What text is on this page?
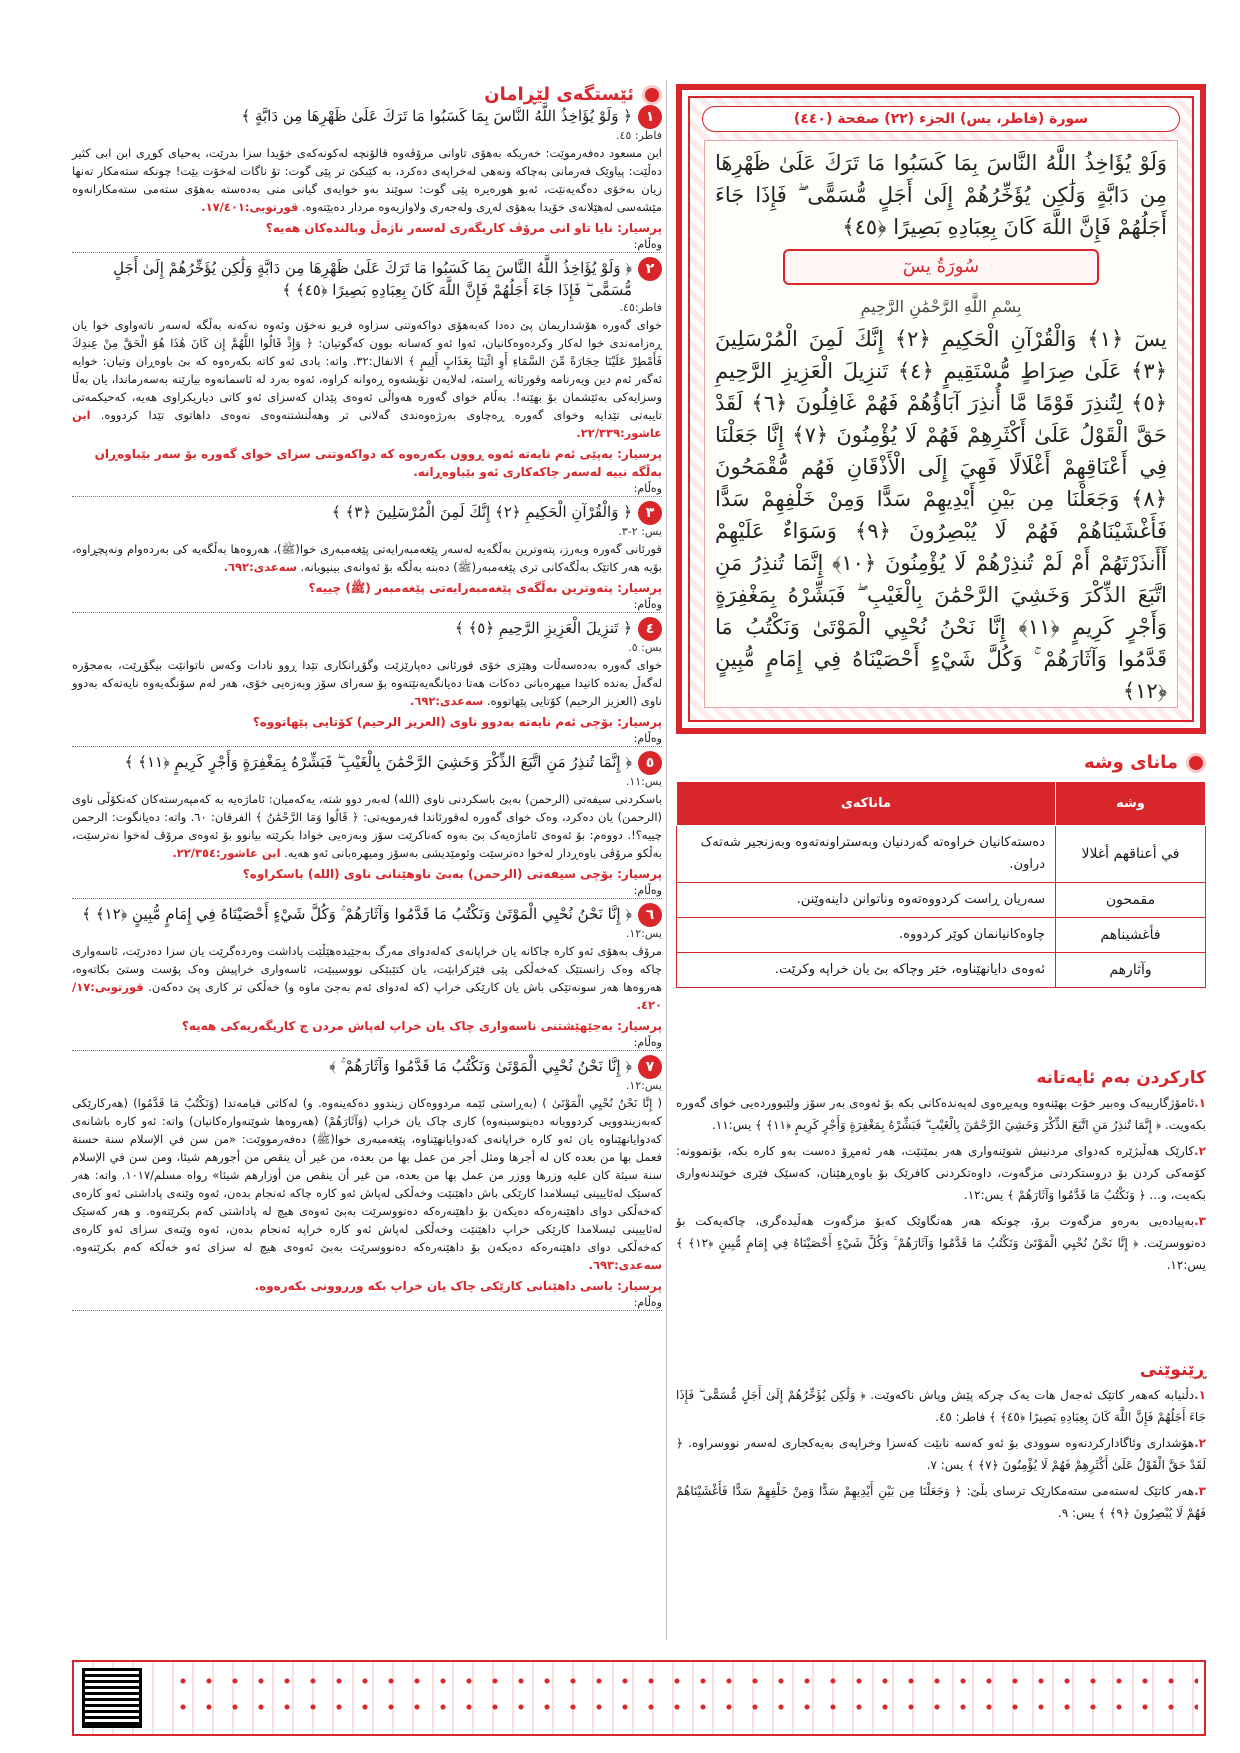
سورة (فاطر، يس) الجزء (٢٢) صفحة (٤٤٠)
وَلَوْ يُؤَاخِذُ اللَّهُ النَّاسَ بِمَا كَسَبُوا مَا تَرَكَ عَلَىٰ ظَهْرِهَا مِن دَابَّةٍ وَلَٰكِن يُؤَخِّرُهُمْ إِلَىٰ أَجَلٍ مُّسَمًّى ۖ فَإِذَا جَاءَ أَجَلُهُمْ فَإِنَّ اللَّهَ كَانَ بِعِبَادِهِ بَصِيرًا ﴿٤٥﴾
سُورَةُ يسٓ
بِسْمِ اللَّهِ الرَّحْمَٰنِ الرَّحِيمِ
يسٓ ﴿١﴾ وَالْقُرْآنِ الْحَكِيمِ ﴿٢﴾ إِنَّكَ لَمِنَ الْمُرْسَلِينَ ﴿٣﴾ عَلَىٰ صِرَاطٍ مُّسْتَقِيمٍ ﴿٤﴾ تَنزِيلَ الْعَزِيزِ الرَّحِيمِ ﴿٥﴾ لِتُنذِرَ قَوْمًا مَّا أُنذِرَ آبَاؤُهُمْ فَهُمْ غَافِلُونَ ﴿٦﴾ لَقَدْ حَقَّ الْقَوْلُ عَلَىٰ أَكْثَرِهِمْ فَهُمْ لَا يُؤْمِنُونَ ﴿٧﴾ إِنَّا جَعَلْنَا فِي أَعْنَاقِهِمْ أَغْلَالًا فَهِيَ إِلَى الْأَذْقَانِ فَهُم مُّقْمَحُونَ ﴿٨﴾ وَجَعَلْنَا مِن بَيْنِ أَيْدِيهِمْ سَدًّا وَمِنْ خَلْفِهِمْ سَدًّا فَأَغْشَيْنَاهُمْ فَهُمْ لَا يُبْصِرُونَ ﴿٩﴾ وَسَوَاءٌ عَلَيْهِمْ أَأَنذَرْتَهُمْ أَمْ لَمْ تُنذِرْهُمْ لَا يُؤْمِنُونَ ﴿١٠﴾ إِنَّمَا تُنذِرُ مَنِ اتَّبَعَ الذِّكْرَ وَخَشِيَ الرَّحْمَٰنَ بِالْغَيْبِ ۖ فَبَشِّرْهُ بِمَغْفِرَةٍ وَأَجْرٍ كَرِيمٍ ﴿١١﴾ إِنَّا نَحْنُ نُحْيِي الْمَوْتَىٰ وَنَكْتُبُ مَا قَدَّمُوا وَآثَارَهُمْ ۚ وَكُلَّ شَيْءٍ أَحْصَيْنَاهُ فِي إِمَامٍ مُّبِينٍ ﴿١٢﴾
ئێستگەی لێڕامان
١
﴿ وَلَوْ يُؤَاخِذُ اللَّهُ النَّاسَ بِمَا كَسَبُوا مَا تَرَكَ عَلَىٰ ظَهْرِهَا مِن دَابَّةٍ ﴾
فاطر: ٤٥.
ابن مسعود دەفەرموێت: خەریکە بەهۆی تاوانی مرۆڤەوە قالۆنچە لەکونەکەی خۆیدا سزا بدرێت، یەحیای کوڕی ابن ابی کثیر دەڵێت: پیاوێک فەرمانی بەچاکە ونەهی لەخراپەی دەکرد، بە کێبکێ تر پێی گوت: تۆ ناگات لەخۆت بێت! چونکە ستەمکار تەنها زیان بەخۆی دەگەیەنێت، ئەبو هورەیرە پێی گوت: سوێند بەو خوایەی گیانی منی بەدەستە بەهۆی ستەمی ستەمکارانەوە مێشەسی لەهێلانەی خۆیدا بەهۆی لەڕی ولەجەری ولاوازیەوە مردار دەبێتەوە. قورتوبی:١٧/٤٠١.
پرسیار: نایا تاو انی مرۆڤ کاریگەری لەسەر ناژەڵ وبالندەکان هەیە؟
وەڵام:
٢
﴿ وَلَوْ يُؤَاخِذُ اللَّهُ النَّاسَ بِمَا كَسَبُوا مَا تَرَكَ عَلَىٰ ظَهْرِهَا مِن دَابَّةٍ وَلَٰكِن يُؤَخِّرُهُمْ إِلَىٰ أَجَلٍ مُّسَمًّى ۖ فَإِذَا جَاءَ أَجَلُهُمْ فَإِنَّ اللَّهَ كَانَ بِعِبَادِهِ بَصِيرًا ﴿٤٥﴾ ﴾
فاطر:٤٥.
خوای گەورە هۆشداریمان پێ دەدا کەبەهۆی دواکەوتنی سزاوە فریو نەخۆن وئەوە نەکەنە بەڵگە لەسەر ناتەواوی خوا یان ڕەزامەندی خوا لەکار وکردەوەکانیان، ئەوا ئەو کەسانە بوون کەگوتیان: ﴿ وَإِذْ قَالُوا اللَّهُمَّ إِن كَانَ هَٰذَا هُوَ الْحَقَّ مِنْ عِندِكَ فَأَمْطِرْ عَلَيْنَا حِجَارَةً مِّنَ السَّمَاءِ أَوِ ائْتِنَا بِعَذَابٍ أَلِيمٍ ﴾ الانفال:٣٢. واتە: یادی ئەو کاتە بکەرەوە کە بێ باوەڕان وتیان: خوایە ئەگەر ئەم دین ویەرنامە وقورئانە ڕاستە، لەلایەن تۆیشەوە ڕەوانە کراوە، ئەوە بەرد لە ئاسمانەوە بیارێنە بەسەرماندا، یان بەڵا وسزایەکی بەئێشمان بۆ بهێنە!. بەڵام خوای گەورە هەواڵی ئەوەی پێدان کەسزای ئەو کاتی دیاریکراوی هەیە، کەحیکمەتی تایبەتی تێدایە وخوای گەورە ڕەچاوی بەرژەوەندی گەلانی تر وهەڵنشتنەوەی نەوەی داهاتوی تێدا کردووە. ابن عاشور:٢٢/٣٣٩.
پرسیار: بەپێی ئەم نایەتە ئەوە ڕوون بکەرەوە کە دواکەوتنی سزای خوای گەورە بۆ سەر بێباوەڕان بەڵگە نییە لەسەر چاکەکاری ئەو بێباوەڕانە.
وەڵام:
٣
﴿ وَالْقُرْآنِ الْحَكِيمِ ﴿٢﴾ إِنَّكَ لَمِنَ الْمُرْسَلِينَ ﴿٣﴾ ﴾
یس: ٢-٣.
قورئانی گەورە وبەرز، پتەوترین بەڵگەیە لەسەر پێغەمبەرایەتی پێغەمبەری خوا(ﷺ)، هەروەها بەڵگەیە کی بەردەوام ونەپچڕاوە، بۆیە هەر کاتێک بەڵگەکانی تری پێغەمبەر(ﷺ) دەبنە بەڵگە بۆ ئەوانەی بینیویانە. سەعدی:٦٩٢.
پرسیار: پتەوترین بەڵگەی پێغەمبەرایەتی پێغەمبەر (ﷺ) چییە؟
وەڵام:
٤
﴿ تَنزِيلَ الْعَزِيزِ الرَّحِيمِ ﴿٥﴾ ﴾
یس: ٥.
خوای گەورە بەدەسەڵات وهێزی خۆی قورئانی دەپارێزێت وگۆڕانکاری تێدا ڕوو نادات وکەس ناتوانێت بیگۆڕێت، بەمجۆرە لەگەڵ بەندە کانیدا میهرەبانی دەکات هەتا دەیانگەیەنێتەوە بۆ سەرای سۆز وبەزەیی خۆی، هەر لەم سۆنگەیەوە نایەتەکە بەدوو ناوی (العزیز الرحیم) کۆتایی پێهاتووە. سەعدی:٦٩٢.
پرسیار: بۆچی ئەم نایەتە بەدوو ناوی (العزیز الرحیم) کۆتایی پێهاتووە؟
وەڵام:
٥
﴿ إِنَّمَا تُنذِرُ مَنِ اتَّبَعَ الذِّكْرَ وَخَشِيَ الرَّحْمَٰنَ بِالْغَيْبِ ۖ فَبَشِّرْهُ بِمَغْفِرَةٍ وَأَجْرٍ كَرِيمٍ ﴿١١﴾ ﴾
یس:١١.
باسکردنی سیفەتی (الرحمن) بەبێ باسکردنی ناوی (الله) لەبەر دوو شتە، یەکەمیان: ئاماژەیە بە کەمپەرستەکان کەنکۆڵی ناوی (الرحمن) یان دەکرد، وەک خوای گەورە لەقورئاندا فەرمویەتی: ﴿ قَالُوا وَمَا الرَّحْمَٰنُ ﴾ الفرقان: ٦٠. واتە: دەیانگوت: الرحمن چییە؟!. دووەم: بۆ ئەوەی ئاماژەیەک بێ بەوە کەناکرێت سۆز وبەزەیی خوادا بکرێتە بیانوو بۆ ئەوەی مرۆڤ لەخوا نەترسێت، بەڵکو مرۆڤی باوەڕدار لەخوا دەترسێت وئومێدیشی بەسۆز ومیهرەبانی ئەو هەیە. ابن عاشور:٢٢/٣٥٤.
پرسیار: بۆچی سیفەتی (الرحمن) بەبێ ناوهێنانی ناوی (الله) باسکراوە؟
وەڵام:
٦
﴿ إِنَّا نَحْنُ نُحْيِي الْمَوْتَىٰ وَنَكْتُبُ مَا قَدَّمُوا وَآثَارَهُمْ ۚ وَكُلَّ شَيْءٍ أَحْصَيْنَاهُ فِي إِمَامٍ مُّبِينٍ ﴿١٢﴾ ﴾
یس:١٢.
مرۆڤ بەهۆی ئەو کارە چاکانە یان خراپانەی کەلەدوای مەرگ بەجێیدەهێڵێت پاداشت وەردەگرێت یان سزا دەدرێت، ئاسەواری چاکە وەک زانستێک کەخەڵکی پێی فێرکرابێت، یان کتێبێکی نووسیبێت، ئاسەواری خراپیش وەک پۆست وستێ بکاتەوە، هەروەها هەر سونەتێکی باش یان کارێکی خراپ (کە لەدوای ئەم بەجێ ماوە و) خەڵکی تر کاری پێ دەکەن. قورتوبی:١٧/ ٤٢٠.
پرسیار: بەجێهێشتنی ناسەواری چاک یان خراپ لەپاش مردن چ کاریگەریەکی هەیە؟
وەڵام:
٧
﴿ إِنَّا نَحْنُ نُحْيِي الْمَوْتَىٰ وَنَكْتُبُ مَا قَدَّمُوا وَآثَارَهُمْ ۚ ﴾
یس:١٢.
( إِنَّا نَحْنُ نُحْيِي الْمَوْتَىٰ ) (بەڕاستی ئێمە مردووەکان زیندوو دەکەینەوە. و) لەکاتی قیامەتدا (وَنَكْتُبُ مَا قَدَّمُوا) (هەرکارێکی کەبەزیندوویی کردوویانە دەینوسینەوە) کاری چاک یان خراپ (وَآثَارَهُمْ) (هەروەها شوێنەوارەکانیان) واتە: ئەو کارە باشانەی کەدوایانهێناوە یان ئەو کارە خراپانەی کەدوایانهێناوە، پێغەمبەری خوا(ﷺ) دەفەرمووێت: «من سن في الإسلام سنة حسنة فعمل بها من بعده كان له أجرها ومثل أجر من عمل بها من بعده، من غير أن ينقص من أجورهم شيئا، ومن سن في الإسلام سنة سيئة كان عليه وزرها ووزر من عمل بها من بعده، من غير أن ينقص من أوزارهم شيئا» رواه مسلم/١٠١٧. واتە: هەر کەسێک لەئاییینی ئیسلامدا کارێکی باش داهێنێت وخەڵکی لەپاش ئەو کارە چاکە ئەنجام بدەن، ئەوە وێنەی پاداشتی ئەو کارەی کەخەڵکی دوای داهێنەرەکە دەیکەن بۆ داهێنەرەکە دەنووسرێت بەبێ ئەوەی هیچ لە پاداشتی کەم بکرێتەوە. و هەر کەسێک لەئاییینی ئیسلامدا کارێکی خراپ داهێنێت وخەڵکی لەپاش ئەو کارە خراپە ئەنجام بدەن، ئەوە وێنەی سزای ئەو کارەی کەخەڵکی دوای داهێنەرەکە دەیکەن بۆ داهێنەرەکە دەنووسرێت بەبێ ئەوەی هیچ لە سزای ئەو خەڵکە کەم بکرێتەوە. سەعدی:٦٩٣.
پرسیار: باسی داهێنانی کارێکی چاک یان خراپ بکە ورروونی بکەرەوە.
وەڵام:
مانای وشە
وشە	ماناکەی
في أعناقهم أغلالا	دەستەکانیان خراوەتە گەردنیان وبەستراونەتەوە وبەزنجیر شەتەک دراون.
مقمحون	سەریان ڕاست کردووەتەوە وناتوانن داینەوێنن.
فأغشيناهم	چاوەکانیانمان کوێر کردووە.
وآثارهم	ئەوەی دایانهێناوە، خێر وچاکە بێ یان خراپە وکرێت.
کارکردن بەم ئایەتانە
١.ئامۆژگارییەک وەبیر خۆت بهێنەوە وپەیڕەوی لەپەندەکانی بکە بۆ ئەوەی بەر سۆز ولێبووردەیی خوای گەورە بکەویت. ﴿ إِنَّمَا تُنذِرُ مَنِ اتَّبَعَ الذِّكْرَ وَخَشِيَ الرَّحْمَٰنَ بِالْغَيْبِ ۖ فَبَشِّرْهُ بِمَغْفِرَةٍ وَأَجْرٍ كَرِيمٍ ﴿١١﴾ ﴾ یس:١١.
٢.کارێک هەڵبژێرە کەدوای مردنیش شوێنەواری هەر بمێنێت، هەر ئەمڕۆ دەست بەو کارە بکە، بۆنموونە: کۆمەکی کردن بۆ دروستکردنی مزگەوت، داوەتکردنی کافرێک بۆ باوەڕهێنان، کەسێک فێری خوێندنەواری بکەیت، و... ﴿ وَنَكْتُبُ مَا قَدَّمُوا وَآثَارَهُمْ ﴾ یس:١٢.
٣.بەپیادەیی بەرەو مزگەوت برۆ، چونکە هەر هەنگاوێک کەبۆ مزگەوت هەڵیدەگری، چاکەیەکت بۆ دەنووسرێت. ﴿ إِنَّا نَحْنُ نُحْيِي الْمَوْتَىٰ وَنَكْتُبُ مَا قَدَّمُوا وَآثَارَهُمْ ۚ وَكُلَّ شَيْءٍ أَحْصَيْنَاهُ فِي إِمَامٍ مُّبِينٍ ﴿١٢﴾ ﴾ یس:١٢.
ڕێنوێنی
١.دڵنیابە کەهەر کاتێک ئەجەل هات یەک چرکە پێش وپاش ناکەوێت. ﴿ وَلَٰكِن يُؤَخِّرُهُمْ إِلَىٰ أَجَلٍ مُّسَمًّى ۖ فَإِذَا جَاءَ أَجَلُهُمْ فَإِنَّ اللَّهَ كَانَ بِعِبَادِهِ بَصِيرًا ﴿٤٥﴾ ﴾ فاطر: ٤٥.
٢.هۆشداری وئاگادارکردنەوە سوودی بۆ ئەو کەسە نابێت کەسزا وخراپەی بەیەکجاری لەسەر نووسراوە. ﴿ لَقَدْ حَقَّ الْقَوْلُ عَلَىٰ أَكْثَرِهِمْ فَهُمْ لَا يُؤْمِنُونَ ﴿٧﴾ ﴾ یس: ٧.
٣.هەر کاتێک لەستەمی ستەمکارێک ترسای بڵێ: ﴿ وَجَعَلْنَا مِن بَيْنِ أَيْدِيهِمْ سَدًّا وَمِنْ خَلْفِهِمْ سَدًّا فَأَغْشَيْنَاهُمْ فَهُمْ لَا يُبْصِرُونَ ﴿٩﴾ ﴾ یس: ٩.
